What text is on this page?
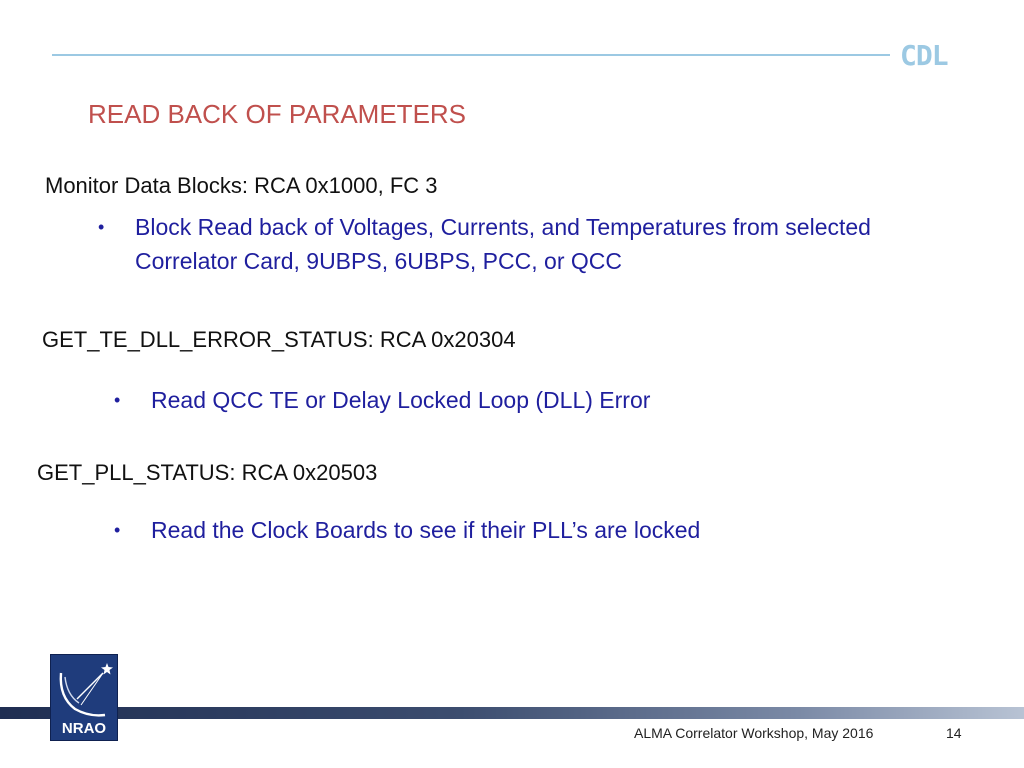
CDL
READ BACK OF PARAMETERS
Monitor Data Blocks: RCA 0x1000, FC 3
•	Block Read back of Voltages, Currents, and Temperatures from selected Correlator Card, 9UBPS, 6UBPS, PCC, or QCC
GET_TE_DLL_ERROR_STATUS: RCA 0x20304
•	Read QCC TE or Delay Locked Loop (DLL) Error
GET_PLL_STATUS: RCA 0x20503
•	Read the Clock Boards to see if their PLL’s are locked
NRAO	ALMA Correlator Workshop, May 2016	14
